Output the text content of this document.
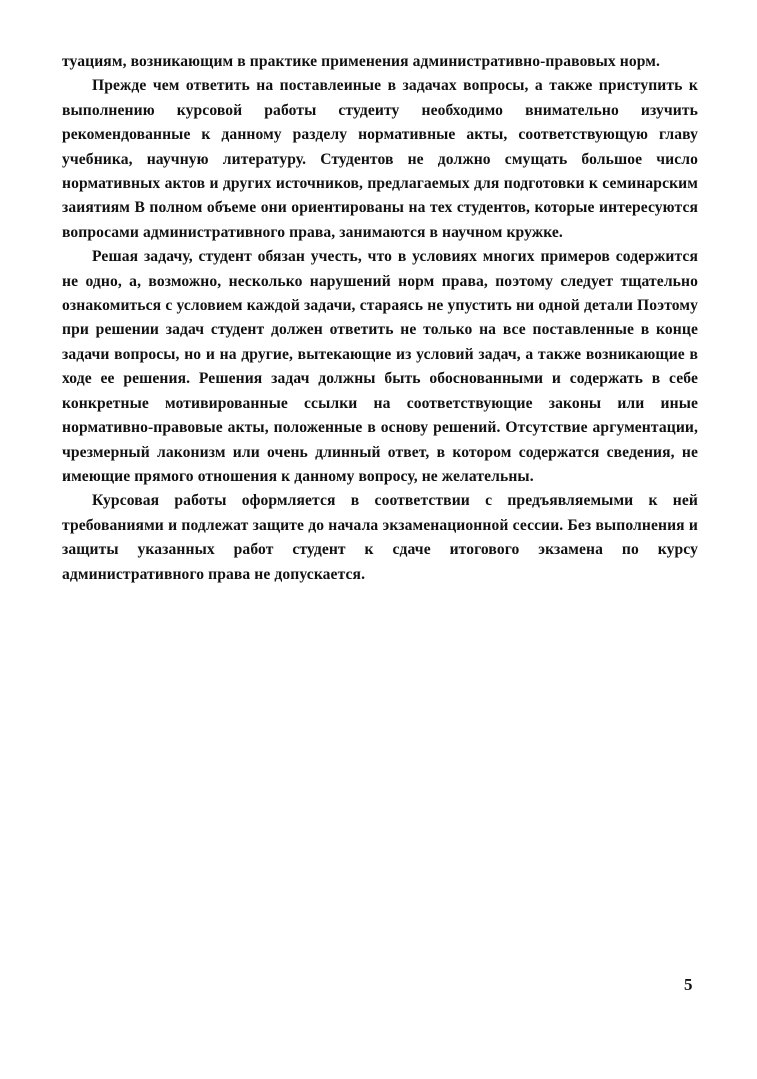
туациям, возникающим в практике применения административно-правовых норм.

Прежде чем ответить на поставлеиные в задачах вопросы, а также приступить к выполнению курсовой работы студеиту необходимо внимательно изучить рекомендованные к данному разделу нормативные акты, соответствующую главу учебника, научную литературу. Студентов не должно смущать большое число нормативных актов и других источников, предлагаемых для подготовки к семинарским заиятиям В полном объеме они ориентированы на тех студентов, которые интересуются вопросами административного права, занимаются в научном кружке.

Решая задачу, студент обязан учесть, что в условиях многих примеров содержится не одно, а, возможно, несколько нарушений норм права, поэтому следует тщательно ознакомиться с условием каждой задачи, стараясь не упустить ни одной детали Поэтому при решении задач студент должен ответить не только на все поставленные в конце задачи вопросы, но и на другие, вытекающие из условий задач, а также возникающие в ходе ее решения. Решения задач должны быть обоснованными и содержать в себе конкретные мотивированные ссылки на соответствующие законы или иные нормативно-правовые акты, положенные в основу решений. Отсутствие аргументации, чрезмерный лаконизм или очень длинный ответ, в котором содержатся сведения, не имеющие прямого отношения к данному вопросу, не желательны.

Курсовая работы оформляется в соответствии с предъявляемыми к ней требованиями и подлежат защите до начала экзаменационной сессии. Без выполнения и защиты указанных работ студент к сдаче итогового экзамена по курсу административного права не допускается.

5
